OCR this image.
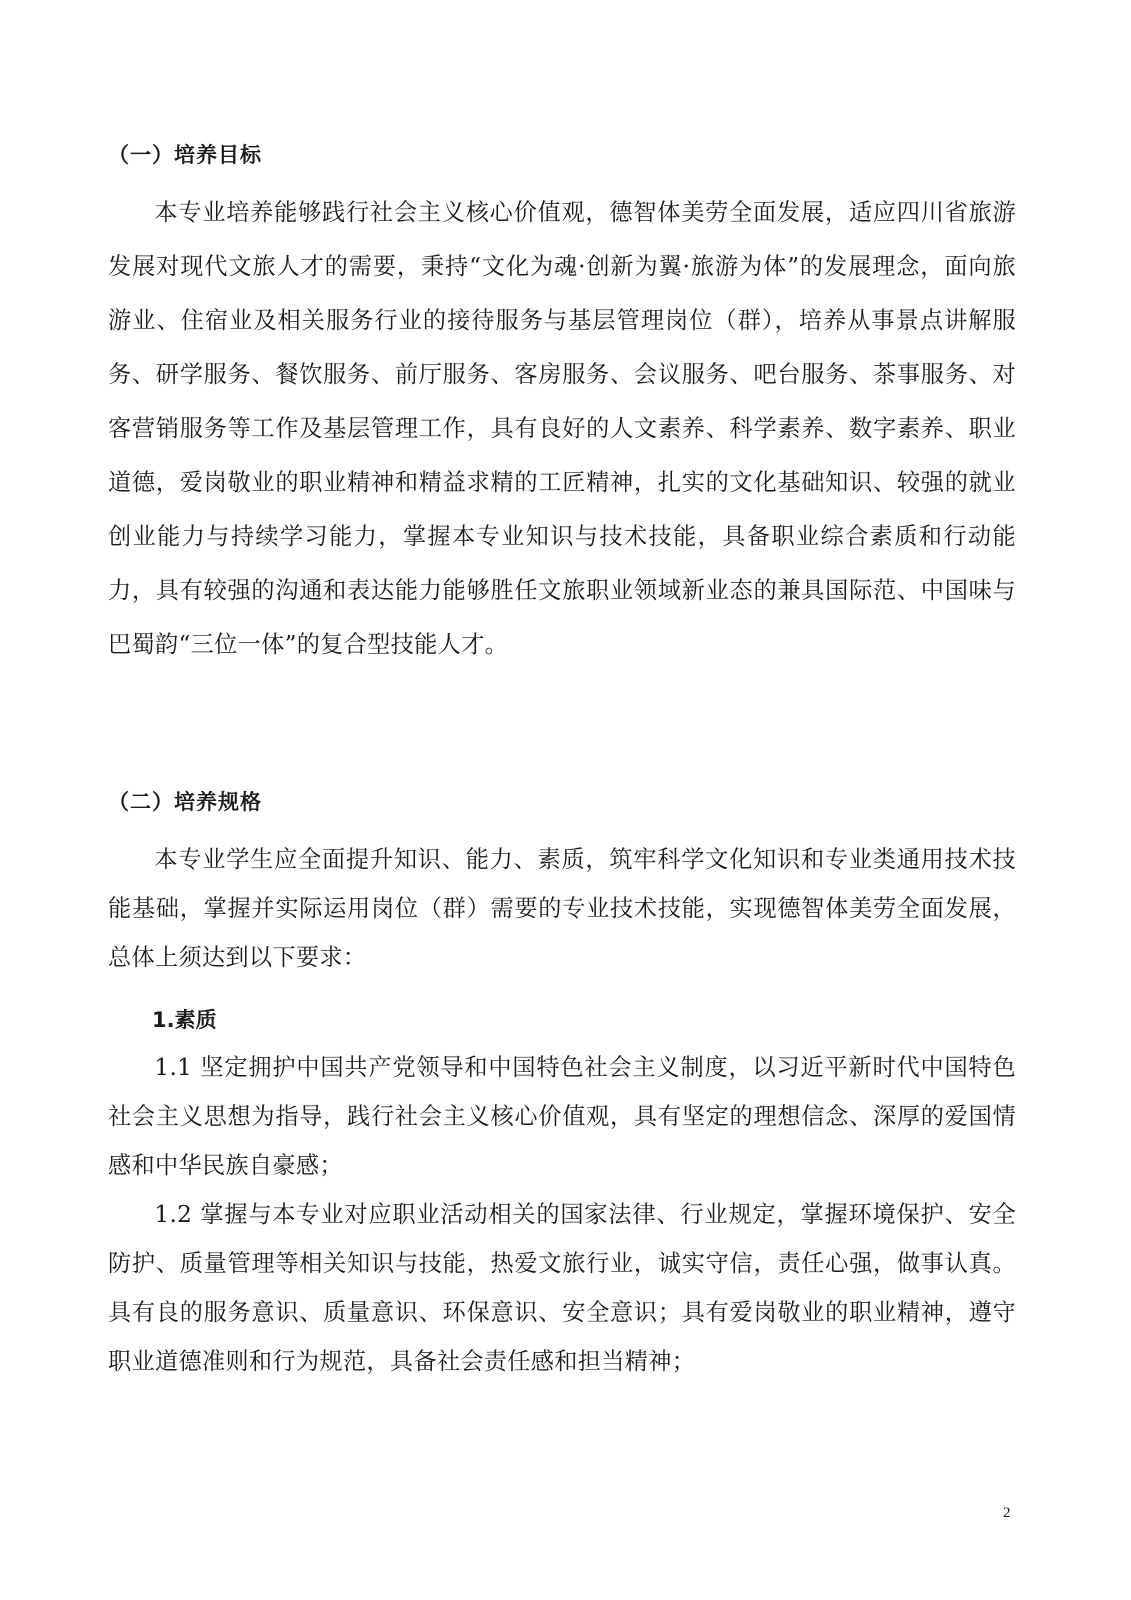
（一）培养目标

本专业培养能够践行社会主义核心价值观，德智体美劳全面发展，适应四川省旅游发展对现代文旅人才的需要，秉持“文化为魂·创新为翼·旅游为体”的发展理念，面向旅游业、住宿业及相关服务行业的接待服务与基层管理岗位（群），培养从事景点讲解服务、研学服务、餐饮服务、前厅服务、客房服务、会议服务、吧台服务、茶事服务、对客营销服务等工作及基层管理工作，具有良好的人文素养、科学素养、数字素养、职业道德，爱岗敬业的职业精神和精益求精的工匠精神，扎实的文化基础知识、较强的就业创业能力与持续学习能力，掌握本专业知识与技术技能，具备职业综合素质和行动能力，具有较强的沟通和表达能力能够胜任文旅职业领域新业态的兼具国际范、中国味与巴蜀韵“三位一体”的复合型技能人才。

（二）培养规格

本专业学生应全面提升知识、能力、素质，筑牢科学文化知识和专业类通用技术技能基础，掌握并实际运用岗位（群）需要的专业技术技能，实现德智体美劳全面发展，总体上须达到以下要求：

1.素质

1.1 坚定拥护中国共产党领导和中国特色社会主义制度，以习近平新时代中国特色社会主义思想为指导，践行社会主义核心价值观，具有坚定的理想信念、深厚的爱国情感和中华民族自豪感；

1.2 掌握与本专业对应职业活动相关的国家法律、行业规定，掌握环境保护、安全防护、质量管理等相关知识与技能，热爱文旅行业，诚实守信，责任心强，做事认真。具有良的服务意识、质量意识、环保意识、安全意识；具有爱岗敬业的职业精神，遵守职业道德准则和行为规范，具备社会责任感和担当精神；

2
